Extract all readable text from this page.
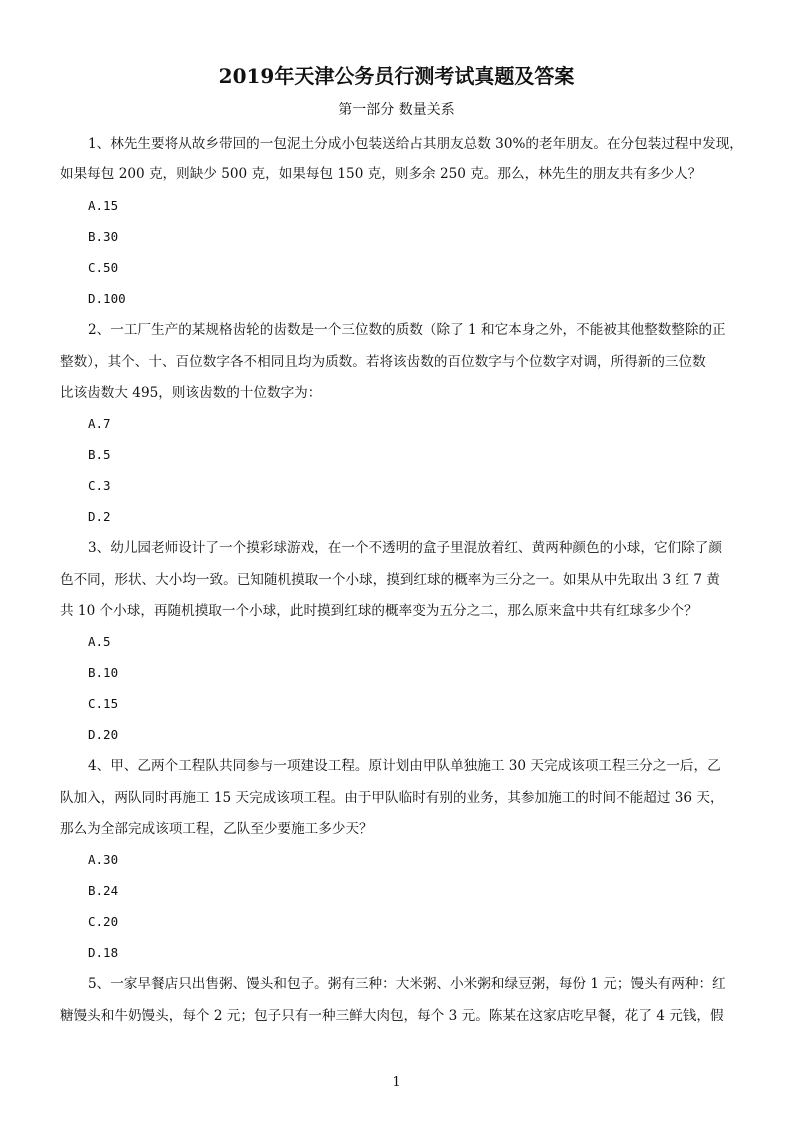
2019年天津公务员行测考试真题及答案
第一部分 数量关系
1、林先生要将从故乡带回的一包泥土分成小包装送给占其朋友总数 30%的老年朋友。在分包装过程中发现，
如果每包 200 克，则缺少 500 克，如果每包 150 克，则多余 250 克。那么，林先生的朋友共有多少人？
A.15
B.30
C.50
D.100
2、一工厂生产的某规格齿轮的齿数是一个三位数的质数（除了 1 和它本身之外，不能被其他整数整除的正
整数），其个、十、百位数字各不相同且均为质数。若将该齿数的百位数字与个位数字对调，所得新的三位数
比该齿数大 495，则该齿数的十位数字为：
A.7
B.5
C.3
D.2
3、幼儿园老师设计了一个摸彩球游戏，在一个不透明的盒子里混放着红、黄两种颜色的小球，它们除了颜
色不同，形状、大小均一致。已知随机摸取一个小球，摸到红球的概率为三分之一。如果从中先取出 3 红 7 黄
共 10 个小球，再随机摸取一个小球，此时摸到红球的概率变为五分之二，那么原来盒中共有红球多少个？
A.5
B.10
C.15
D.20
4、甲、乙两个工程队共同参与一项建设工程。原计划由甲队单独施工 30 天完成该项工程三分之一后，乙
队加入，两队同时再施工 15 天完成该项工程。由于甲队临时有别的业务，其参加施工的时间不能超过 36 天，
那么为全部完成该项工程，乙队至少要施工多少天？
A.30
B.24
C.20
D.18
5、一家早餐店只出售粥、馒头和包子。粥有三种：大米粥、小米粥和绿豆粥，每份 1 元；馒头有两种：红
糖馒头和牛奶馒头，每个 2 元；包子只有一种三鲜大肉包，每个 3 元。陈某在这家店吃早餐，花了 4 元钱，假
1
